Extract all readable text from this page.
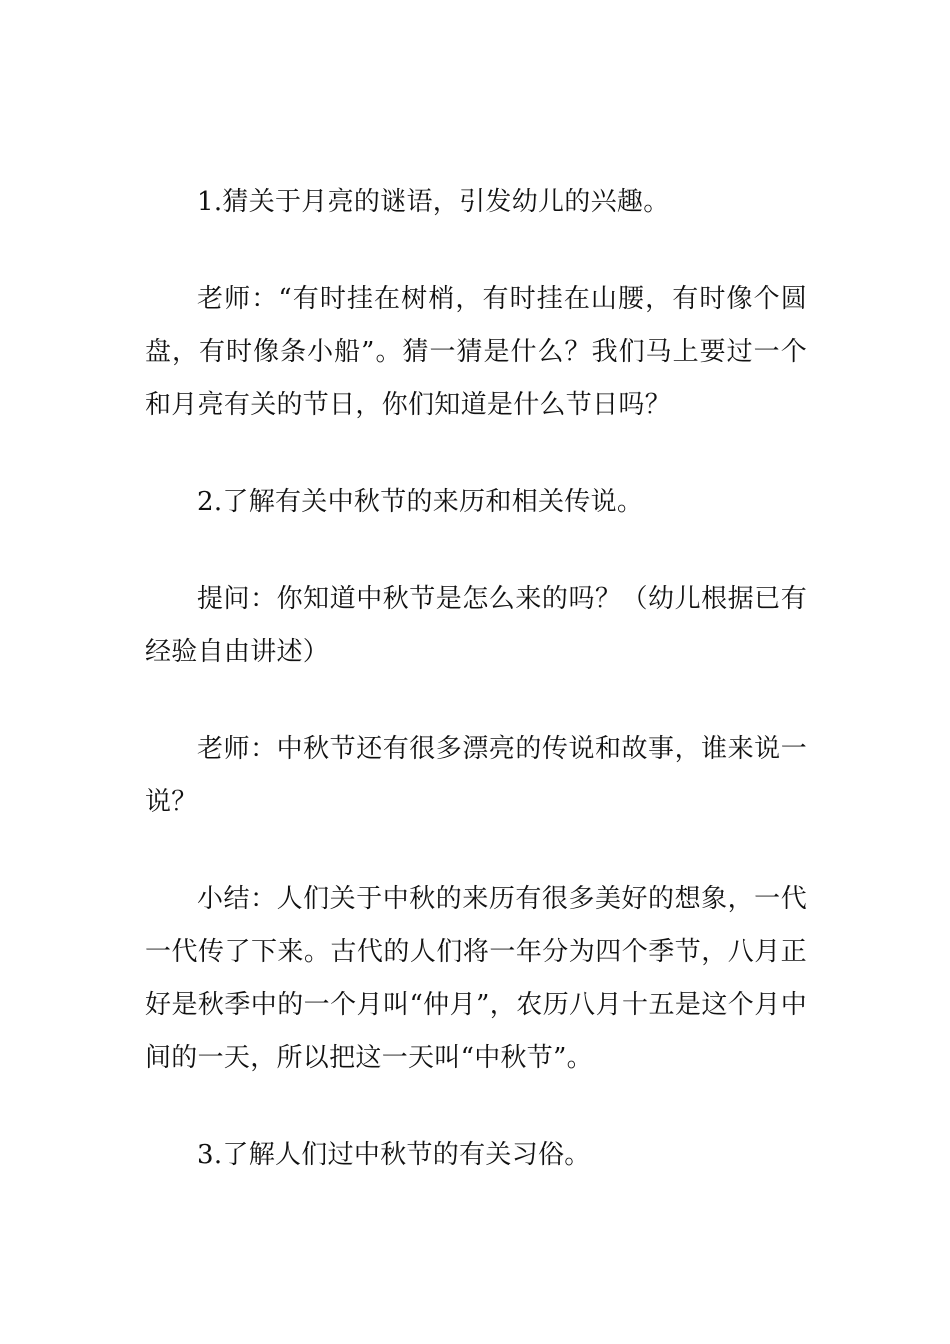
1.猜关于月亮的谜语，引发幼儿的兴趣。

老师：“有时挂在树梢，有时挂在山腰，有时像个圆盘，有时像条小船”。猜一猜是什么？我们马上要过一个和月亮有关的节日，你们知道是什么节日吗？

2.了解有关中秋节的来历和相关传说。

提问：你知道中秋节是怎么来的吗？（幼儿根据已有经验自由讲述）

老师：中秋节还有很多漂亮的传说和故事，谁来说一说？

小结：人们关于中秋的来历有很多美好的想象，一代一代传了下来。古代的人们将一年分为四个季节，八月正好是秋季中的一个月叫“仲月”，农历八月十五是这个月中间的一天，所以把这一天叫“中秋节”。

3.了解人们过中秋节的有关习俗。
